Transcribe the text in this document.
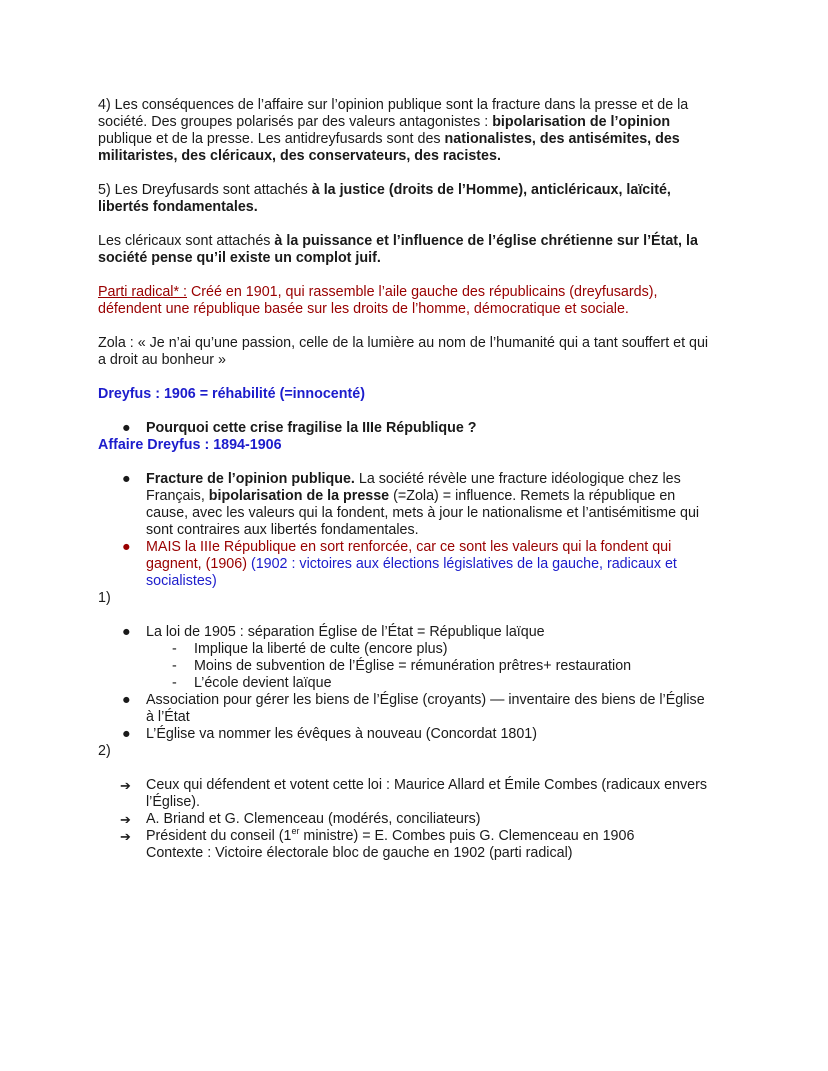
4) Les conséquences de l’affaire sur l’opinion publique sont la fracture dans la presse et de la société. Des groupes polarisés par des valeurs antagonistes : bipolarisation de l’opinion publique et de la presse. Les antidreyfusards sont des nationalistes, des antisémites, des militaristes, des cléricaux, des conservateurs, des racistes.

5) Les Dreyfusards sont attachés à la justice (droits de l’Homme), anticléricaux, laïcité, libertés fondamentales.

Les cléricaux sont attachés à la puissance et l’influence de l’église chrétienne sur l’État, la société pense qu’il existe un complot juif.

Parti radical* : Créé en 1901, qui rassemble l’aile gauche des républicains (dreyfusards), défendent une république basée sur les droits de l’homme, démocratique et sociale.

Zola : « Je n’ai qu’une passion, celle de la lumière au nom de l’humanité qui a tant souffert et qui a droit au bonheur »

Dreyfus : 1906 = réhabilité (=innocenté)

● Pourquoi cette crise fragilise la IIIe République ?

Affaire Dreyfus : 1894-1906

● Fracture de l’opinion publique. La société révèle une fracture idéologique chez les Français, bipolarisation de la presse (=Zola) = influence. Remets la république en cause, avec les valeurs qui la fondent, mets à jour le nationalisme et l’antisémitisme qui sont contraires aux libertés fondamentales.
● MAIS la IIIe République en sort renforcée, car ce sont les valeurs qui la fondent qui gagnent, (1906) (1902 : victoires aux élections législatives de la gauche, radicaux et socialistes)

1)

● La loi de 1905 : séparation Église de l’État = République laïque
- Implique la liberté de culte (encore plus)
- Moins de subvention de l’Église = rémunération prêtres+ restauration
- L’école devient laïque
● Association pour gérer les biens de l’Église (croyants) — inventaire des biens de l’Église à l’État
● L’Église va nommer les évêques à nouveau (Concordat 1801)

2)

➔ Ceux qui défendent et votent cette loi : Maurice Allard et Émile Combes (radicaux envers l’Église).
➔ A. Briand et G. Clemenceau (modérés, conciliateurs)
➔ Président du conseil (1er ministre) = E. Combes puis G. Clemenceau en 1906

Contexte : Victoire électorale bloc de gauche en 1902 (parti radical)
